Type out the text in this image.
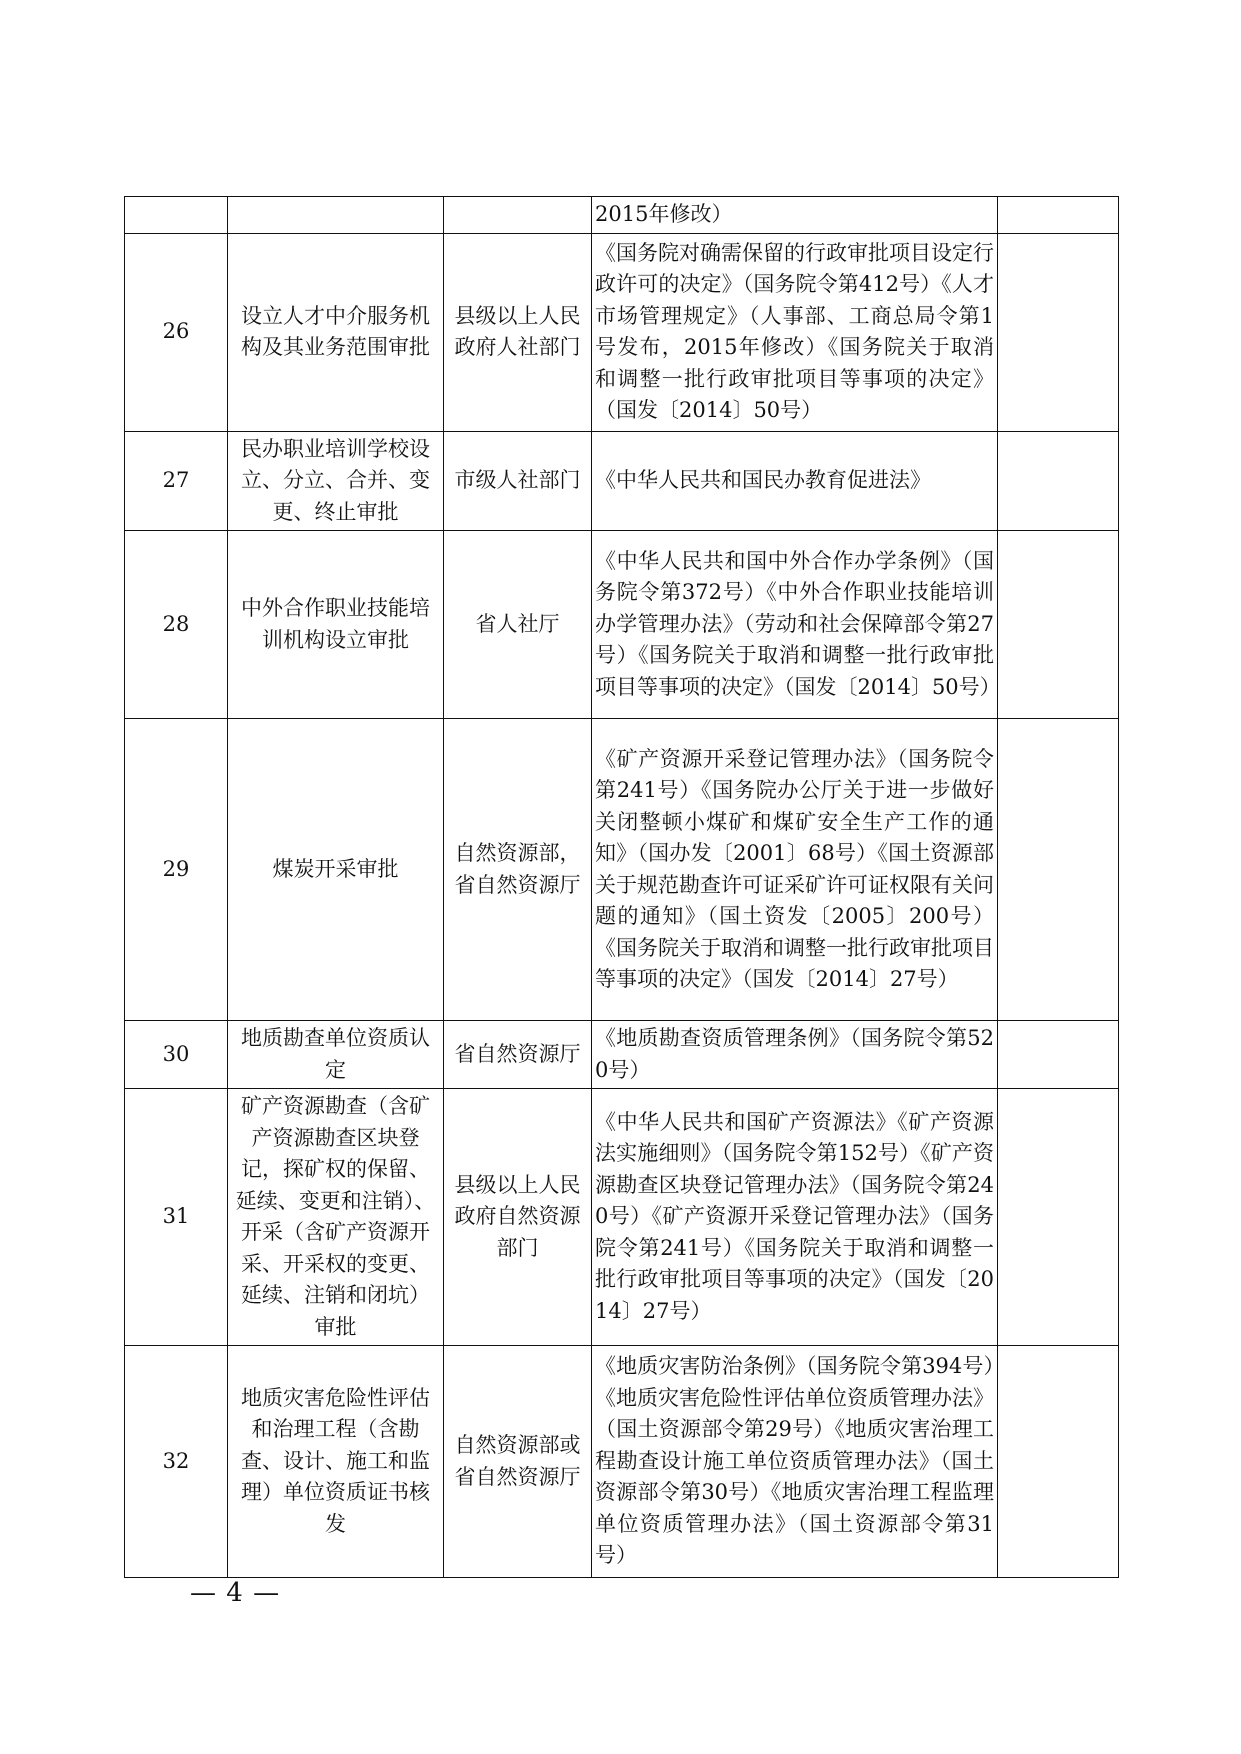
			2015年修改）	
26	设立人才中介服务机构及其业务范围审批	县级以上人民政府人社部门	《国务院对确需保留的行政审批项目设定行政许可的决定》（国务院令第412号）《人才市场管理规定》（人事部、工商总局令第1号发布，2015年修改）《国务院关于取消和调整一批行政审批项目等事项的决定》（国发〔2014〕50号）	
27	民办职业培训学校设立、分立、合并、变更、终止审批	市级人社部门	《中华人民共和国民办教育促进法》	
28	中外合作职业技能培训机构设立审批	省人社厅	《中华人民共和国中外合作办学条例》（国务院令第372号）《中外合作职业技能培训办学管理办法》（劳动和社会保障部令第27号）《国务院关于取消和调整一批行政审批项目等事项的决定》（国发〔2014〕50号）	
29	煤炭开采审批	自然资源部，省自然资源厅	《矿产资源开采登记管理办法》（国务院令第241号）《国务院办公厅关于进一步做好关闭整顿小煤矿和煤矿安全生产工作的通知》（国办发〔2001〕68号）《国土资源部关于规范勘查许可证采矿许可证权限有关问题的通知》（国土资发〔2005〕200号）《国务院关于取消和调整一批行政审批项目等事项的决定》（国发〔2014〕27号）	
30	地质勘查单位资质认定	省自然资源厅	《地质勘查资质管理条例》（国务院令第520号）	
31	矿产资源勘查（含矿产资源勘查区块登记，探矿权的保留、延续、变更和注销）、开采（含矿产资源开采、开采权的变更、延续、注销和闭坑）审批	县级以上人民政府自然资源部门	《中华人民共和国矿产资源法》《矿产资源法实施细则》（国务院令第152号）《矿产资源勘查区块登记管理办法》（国务院令第240号）《矿产资源开采登记管理办法》（国务院令第241号）《国务院关于取消和调整一批行政审批项目等事项的决定》（国发〔2014〕27号）	
32	地质灾害危险性评估和治理工程（含勘查、设计、施工和监理）单位资质证书核发	自然资源部或省自然资源厅	《地质灾害防治条例》（国务院令第394号）《地质灾害危险性评估单位资质管理办法》（国土资源部令第29号）《地质灾害治理工程勘查设计施工单位资质管理办法》（国土资源部令第30号）《地质灾害治理工程监理单位资质管理办法》（国土资源部令第31号）	
— 4 —
